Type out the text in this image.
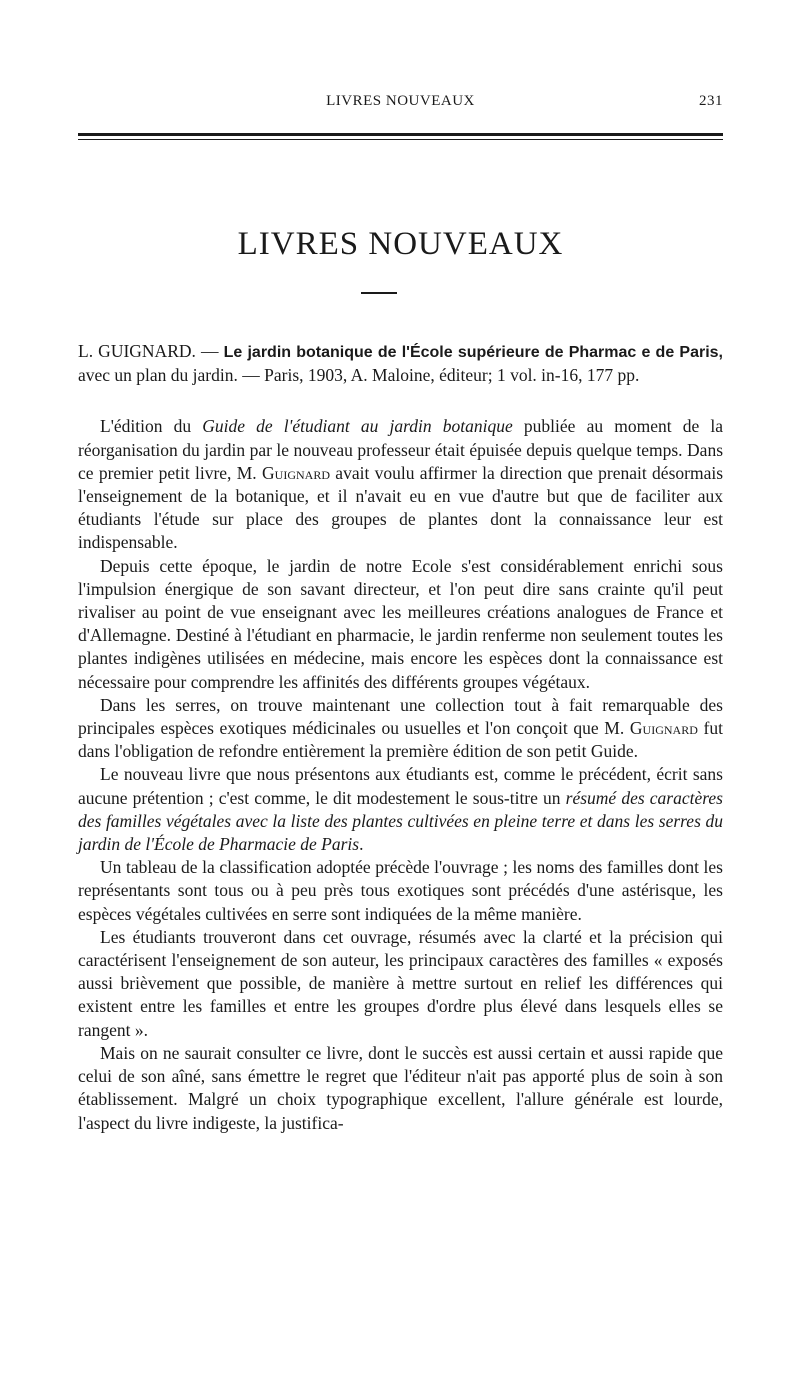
LIVRES NOUVEAUX	231
LIVRES NOUVEAUX

L. GUIGNARD. — Le jardin botanique de l'École supérieure de Pharmac e de Paris, avec un plan du jardin. — Paris, 1903, A. Maloine, éditeur; 1 vol. in-16, 177 pp.

L'édition du Guide de l'étudiant au jardin botanique publiée au moment de la réorganisation du jardin par le nouveau professeur était épuisée depuis quelque temps. Dans ce premier petit livre, M. Guignard avait voulu affirmer la direction que prenait désormais l'enseignement de la botanique, et il n'avait eu en vue d'autre but que de faciliter aux étudiants l'étude sur place des groupes de plantes dont la connaissance leur est indispensable.

Depuis cette époque, le jardin de notre Ecole s'est considérablement enrichi sous l'impulsion énergique de son savant directeur, et l'on peut dire sans crainte qu'il peut rivaliser au point de vue enseignant avec les meilleures créations analogues de France et d'Allemagne. Destiné à l'étudiant en pharmacie, le jardin renferme non seulement toutes les plantes indigènes utilisées en médecine, mais encore les espèces dont la connaissance est nécessaire pour comprendre les affinités des différents groupes végétaux.

Dans les serres, on trouve maintenant une collection tout à fait remarquable des principales espèces exotiques médicinales ou usuelles et l'on conçoit que M. Guignard fut dans l'obligation de refondre entièrement la première édition de son petit Guide.

Le nouveau livre que nous présentons aux étudiants est, comme le précédent, écrit sans aucune prétention ; c'est comme, le dit modestement le sous-titre un résumé des caractères des familles végétales avec la liste des plantes cultivées en pleine terre et dans les serres du jardin de l'École de Pharmacie de Paris.

Un tableau de la classification adoptée précède l'ouvrage ; les noms des familles dont les représentants sont tous ou à peu près tous exotiques sont précédés d'une astérisque, les espèces végétales cultivées en serre sont indiquées de la même manière.

Les étudiants trouveront dans cet ouvrage, résumés avec la clarté et la précision qui caractérisent l'enseignement de son auteur, les principaux caractères des familles « exposés aussi brièvement que possible, de manière à mettre surtout en relief les différences qui existent entre les familles et entre les groupes d'ordre plus élevé dans lesquels elles se rangent ».

Mais on ne saurait consulter ce livre, dont le succès est aussi certain et aussi rapide que celui de son aîné, sans émettre le regret que l'éditeur n'ait pas apporté plus de soin à son établissement. Malgré un choix typographique excellent, l'allure générale est lourde, l'aspect du livre indigeste, la justifica-
